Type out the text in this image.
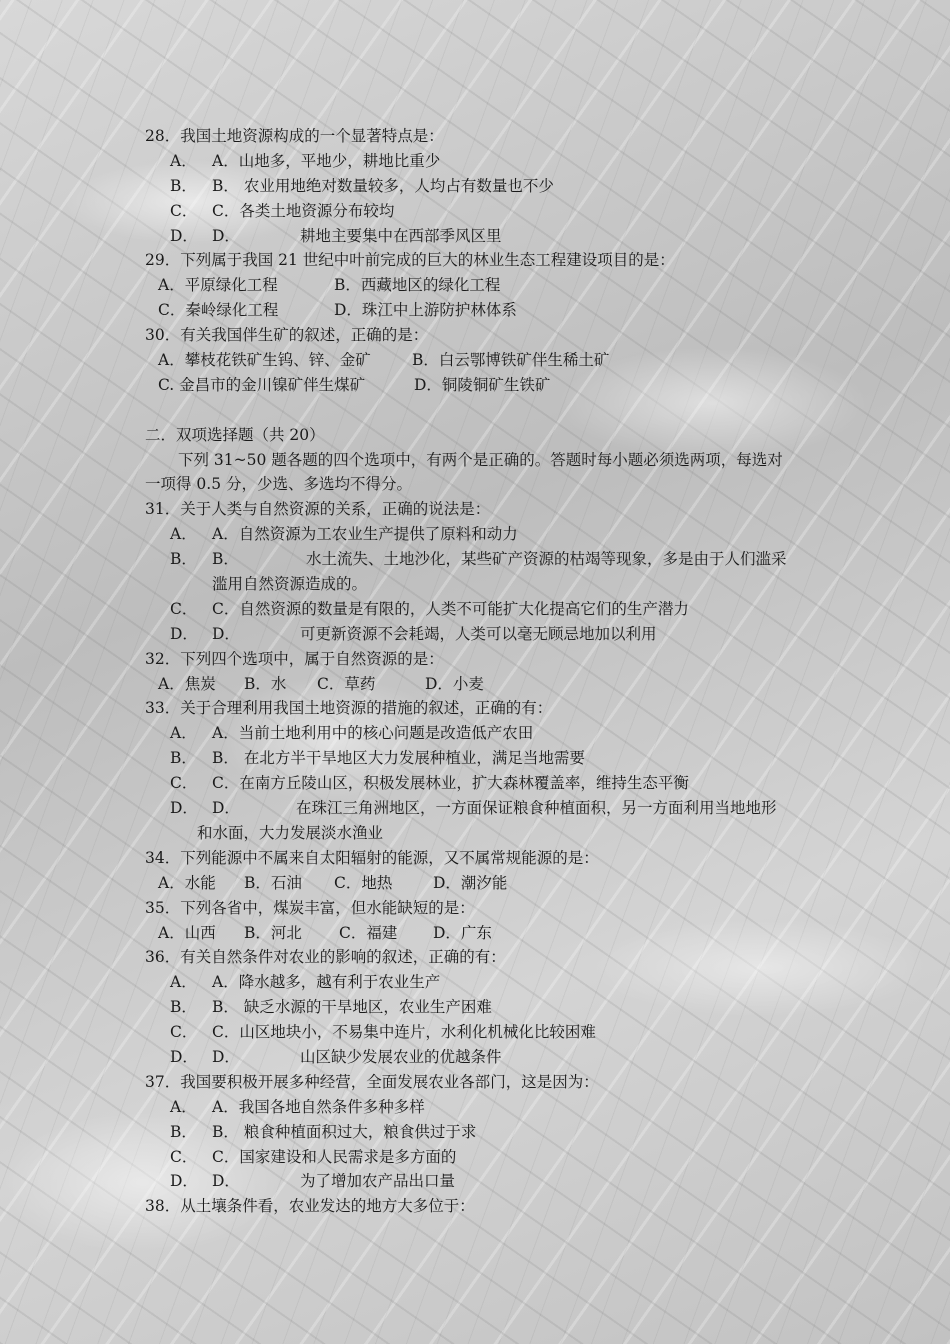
28．我国土地资源构成的一个显著特点是：
A． A．山地多，平地少，耕地比重少
B． B． 农业用地绝对数量较多，人均占有数量也不少
C． C．各类土地资源分布较均
D． D．	耕地主要集中在西部季风区里
29．下列属于我国 21 世纪中叶前完成的巨大的林业生态工程建设项目的是：
A．平原绿化工程	B．西藏地区的绿化工程
C．秦岭绿化工程	D．珠江中上游防护林体系
30．有关我国伴生矿的叙述，正确的是：
A．攀枝花铁矿生钨、锌、金矿	B．白云鄂博铁矿伴生稀土矿
C. 金昌市的金川镍矿伴生煤矿	D．铜陵铜矿生铁矿
二．双项选择题（共 20）
下列 31~50 题各题的四个选项中，有两个是正确的。答题时每小题必须选两项，每选对
一项得 0.5 分，少选、多选均不得分。
31．关于人类与自然资源的关系，正确的说法是：
A． A．自然资源为工农业生产提供了原料和动力
B． B．	水土流失、土地沙化，某些矿产资源的枯竭等现象，多是由于人们滥采
滥用自然资源造成的。
C． C．自然资源的数量是有限的，人类不可能扩大化提高它们的生产潜力
D． D．	可更新资源不会耗竭，人类可以毫无顾忌地加以利用
32．下列四个选项中，属于自然资源的是：
A．焦炭 B．水 C．草药	D．小麦
33．关于合理利用我国土地资源的措施的叙述，正确的有：
A． A．当前土地利用中的核心问题是改造低产农田
B． B． 在北方半干旱地区大力发展种植业，满足当地需要
C． C．在南方丘陵山区，积极发展林业，扩大森林覆盖率，维持生态平衡
D． D．	在珠江三角洲地区，一方面保证粮食种植面积，另一方面利用当地地形
和水面，大力发展淡水渔业
34．下列能源中不属来自太阳辐射的能源，又不属常规能源的是：
A．水能 B．石油 C．地热	D．潮汐能
35．下列各省中，煤炭丰富，但水能缺短的是：
A．山西 B．河北 C．福建 D．广东
36．有关自然条件对农业的影响的叙述，正确的有：
A． A．降水越多，越有利于农业生产
B． B． 缺乏水源的干旱地区，农业生产困难
C． C．山区地块小，不易集中连片，水利化机械化比较困难
D． D．	山区缺少发展农业的优越条件
37．我国要积极开展多种经营，全面发展农业各部门，这是因为：
A． A．我国各地自然条件多种多样
B． B． 粮食种植面积过大，粮食供过于求
C． C．国家建设和人民需求是多方面的
D． D．	为了增加农产品出口量
38．从土壤条件看，农业发达的地方大多位于：
